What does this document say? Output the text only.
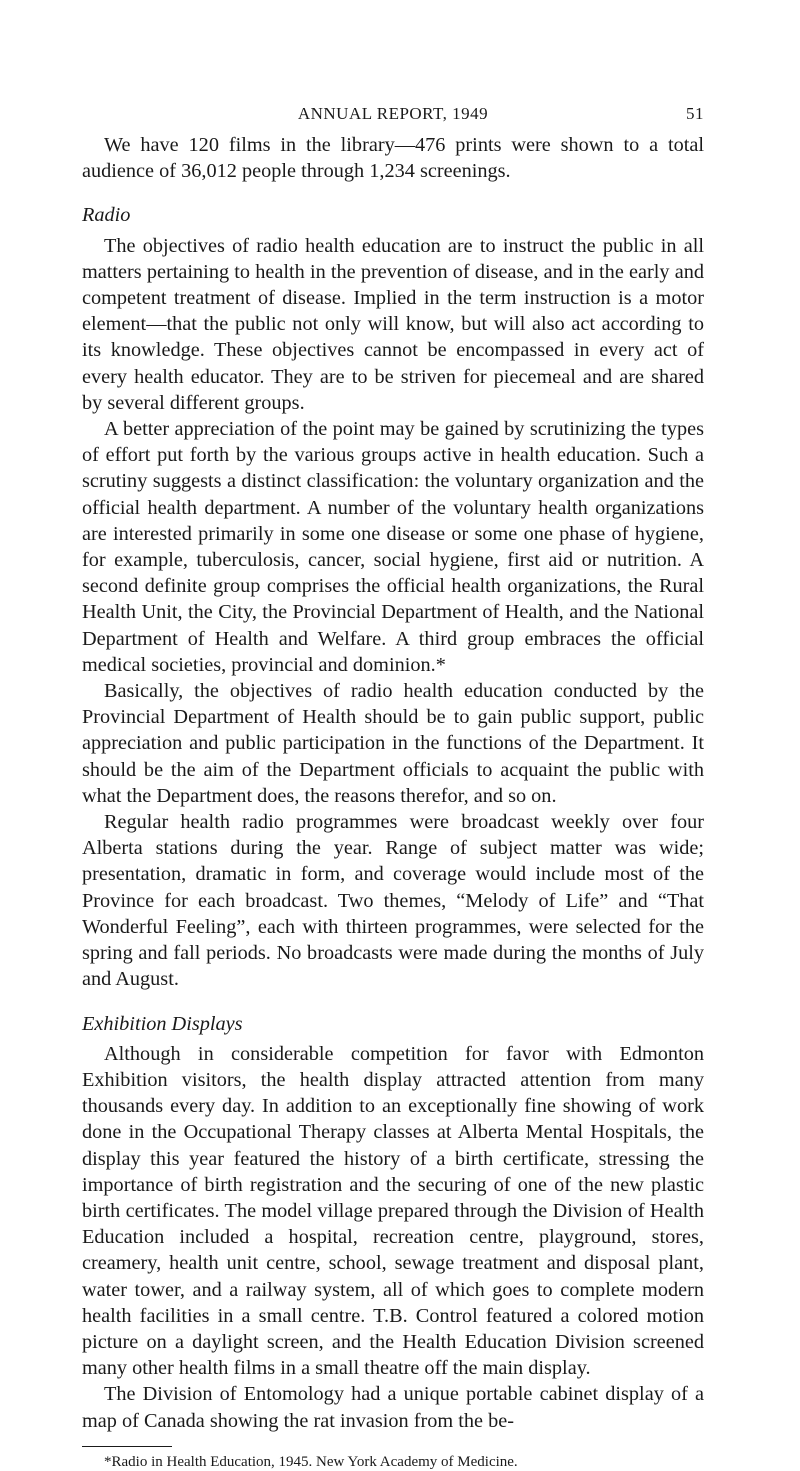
ANNUAL REPORT, 1949	51

We have 120 films in the library—476 prints were shown to a total audience of 36,012 people through 1,234 screenings.

Radio

The objectives of radio health education are to instruct the public in all matters pertaining to health in the prevention of disease, and in the early and competent treatment of disease. Implied in the term instruction is a motor element—that the public not only will know, but will also act according to its knowledge. These objectives cannot be encompassed in every act of every health educator. They are to be striven for piecemeal and are shared by several different groups.

A better appreciation of the point may be gained by scrutinizing the types of effort put forth by the various groups active in health education. Such a scrutiny suggests a distinct classification: the voluntary organization and the official health department. A number of the voluntary health organizations are interested primarily in some one disease or some one phase of hygiene, for example, tuberculosis, cancer, social hygiene, first aid or nutrition. A second definite group comprises the official health organizations, the Rural Health Unit, the City, the Provincial Department of Health, and the National Department of Health and Welfare. A third group embraces the official medical societies, provincial and dominion.*

Basically, the objectives of radio health education conducted by the Provincial Department of Health should be to gain public support, public appreciation and public participation in the functions of the Department. It should be the aim of the Department officials to acquaint the public with what the Department does, the reasons therefor, and so on.

Regular health radio programmes were broadcast weekly over four Alberta stations during the year. Range of subject matter was wide; presentation, dramatic in form, and coverage would include most of the Province for each broadcast. Two themes, “Melody of Life” and “That Wonderful Feeling”, each with thirteen programmes, were selected for the spring and fall periods. No broadcasts were made during the months of July and August.

Exhibition Displays

Although in considerable competition for favor with Edmonton Exhibition visitors, the health display attracted attention from many thousands every day. In addition to an exceptionally fine showing of work done in the Occupational Therapy classes at Alberta Mental Hospitals, the display this year featured the history of a birth certificate, stressing the importance of birth registration and the securing of one of the new plastic birth certificates. The model village prepared through the Division of Health Education included a hospital, recreation centre, playground, stores, creamery, health unit centre, school, sewage treatment and disposal plant, water tower, and a railway system, all of which goes to complete modern health facilities in a small centre. T.B. Control featured a colored motion picture on a daylight screen, and the Health Education Division screened many other health films in a small theatre off the main display.

The Division of Entomology had a unique portable cabinet display of a map of Canada showing the rat invasion from the be-

*Radio in Health Education, 1945. New York Academy of Medicine.
